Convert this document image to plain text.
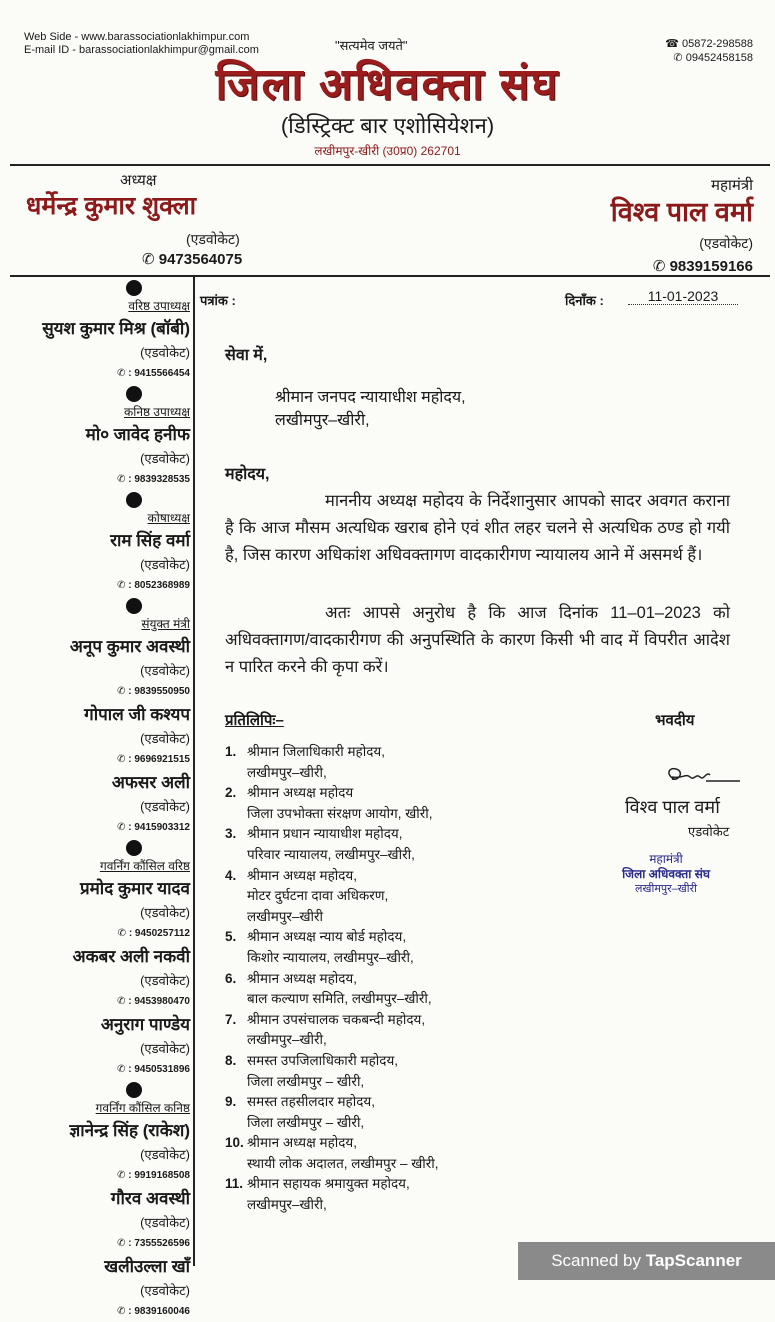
Web Side - www.barassociationlakhimpur.com
E-mail ID - barassociationlakhimpur@gmail.com	"सत्यमेव जयते"	☎ 05872-298588
✆ 09452458158
जिला अधिवक्ता संघ
(डिस्ट्रिक्ट बार एशोसियेशन)
लखीमपुर-खीरी (उ0प्र0) 262701
अध्यक्ष
धर्मेन्द्र कुमार शुक्ला
(एडवोकेट)
✆ 9473564075
महामंत्री
विश्व पाल वर्मा
(एडवोकेट)
✆ 9839159166
वरिष्ठ उपाध्यक्ष
सुयश कुमार मिश्र (बॉबी)
(एडवोकेट)
✆ : 9415566454
कनिष्ठ उपाध्यक्ष
मो० जावेद हनीफ
(एडवोकेट)
✆ : 9839328535
कोषाध्यक्ष
राम सिंह वर्मा
(एडवोकेट)
✆ : 8052368989
संयुक्त मंत्री
अनूप कुमार अवस्थी
(एडवोकेट)
✆ : 9839550950
गोपाल जी कश्यप
(एडवोकेट)
✆ : 9696921515
अफसर अली
(एडवोकेट)
✆ : 9415903312
गवर्निंग कौंसिल वरिष्ठ
प्रमोद कुमार यादव
(एडवोकेट)
✆ : 9450257112
अकबर अली नकवी
(एडवोकेट)
✆ : 9453980470
अनुराग पाण्डेय
(एडवोकेट)
✆ : 9450531896
गवर्निंग कौंसिल कनिष्ठ
ज्ञानेन्द्र सिंह (राकेश)
(एडवोकेट)
✆ : 9919168508
गौरव अवस्थी
(एडवोकेट)
✆ : 7355526596
खलीउल्ला खाँ
(एडवोकेट)
✆ : 9839160046
पत्रांक :	दिनाँक :	11-01-2023
सेवा में,
श्रीमान जनपद न्यायाधीश महोदय,
लखीमपुर–खीरी,
महोदय,

माननीय अध्यक्ष महोदय के निर्देशानुसार आपको सादर अवगत कराना है कि आज मौसम अत्यधिक खराब होने एवं शीत लहर चलने से अत्यधिक ठण्ड हो गयी है, जिस कारण अधिकांश अधिवक्तागण वादकारीगण न्यायालय आने में असमर्थ हैं।

अतः आपसे अनुरोध है कि आज दिनांक 11–01–2023 को अधिवक्तागण/वादकारीगण की अनुपस्थिति के कारण किसी भी वाद में विपरीत आदेश न पारित करने की कृपा करें।

प्रतिलिपिः–
1. श्रीमान जिलाधिकारी महोदय,
लखीमपुर–खीरी,
2. श्रीमान अध्यक्ष महोदय
जिला उपभोक्ता संरक्षण आयोग, खीरी,
3. श्रीमान प्रधान न्यायाधीश महोदय,
परिवार न्यायालय, लखीमपुर–खीरी,
4. श्रीमान अध्यक्ष महोदय,
मोटर दुर्घटना दावा अधिकरण,
लखीमपुर–खीरी
5. श्रीमान अध्यक्ष न्याय बोर्ड महोदय,
किशोर न्यायालय, लखीमपुर–खीरी,
6. श्रीमान अध्यक्ष महोदय,
बाल कल्याण समिति, लखीमपुर–खीरी,
7. श्रीमान उपसंचालक चकबन्दी महोदय,
लखीमपुर–खीरी,
8. समस्त उपजिलाधिकारी महोदय,
जिला लखीमपुर – खीरी,
9. समस्त तहसीलदार महोदय,
जिला लखीमपुर – खीरी,
10. श्रीमान अध्यक्ष महोदय,
स्थायी लोक अदालत, लखीमपुर – खीरी,
11. श्रीमान सहायक श्रमायुक्त महोदय,
लखीमपुर–खीरी,
भवदीय
विश्व पाल वर्मा
एडवोकेट
महामंत्री
जिला अधिवक्ता संघ
लखीमपुर–खीरी
Scanned by TapScanner
